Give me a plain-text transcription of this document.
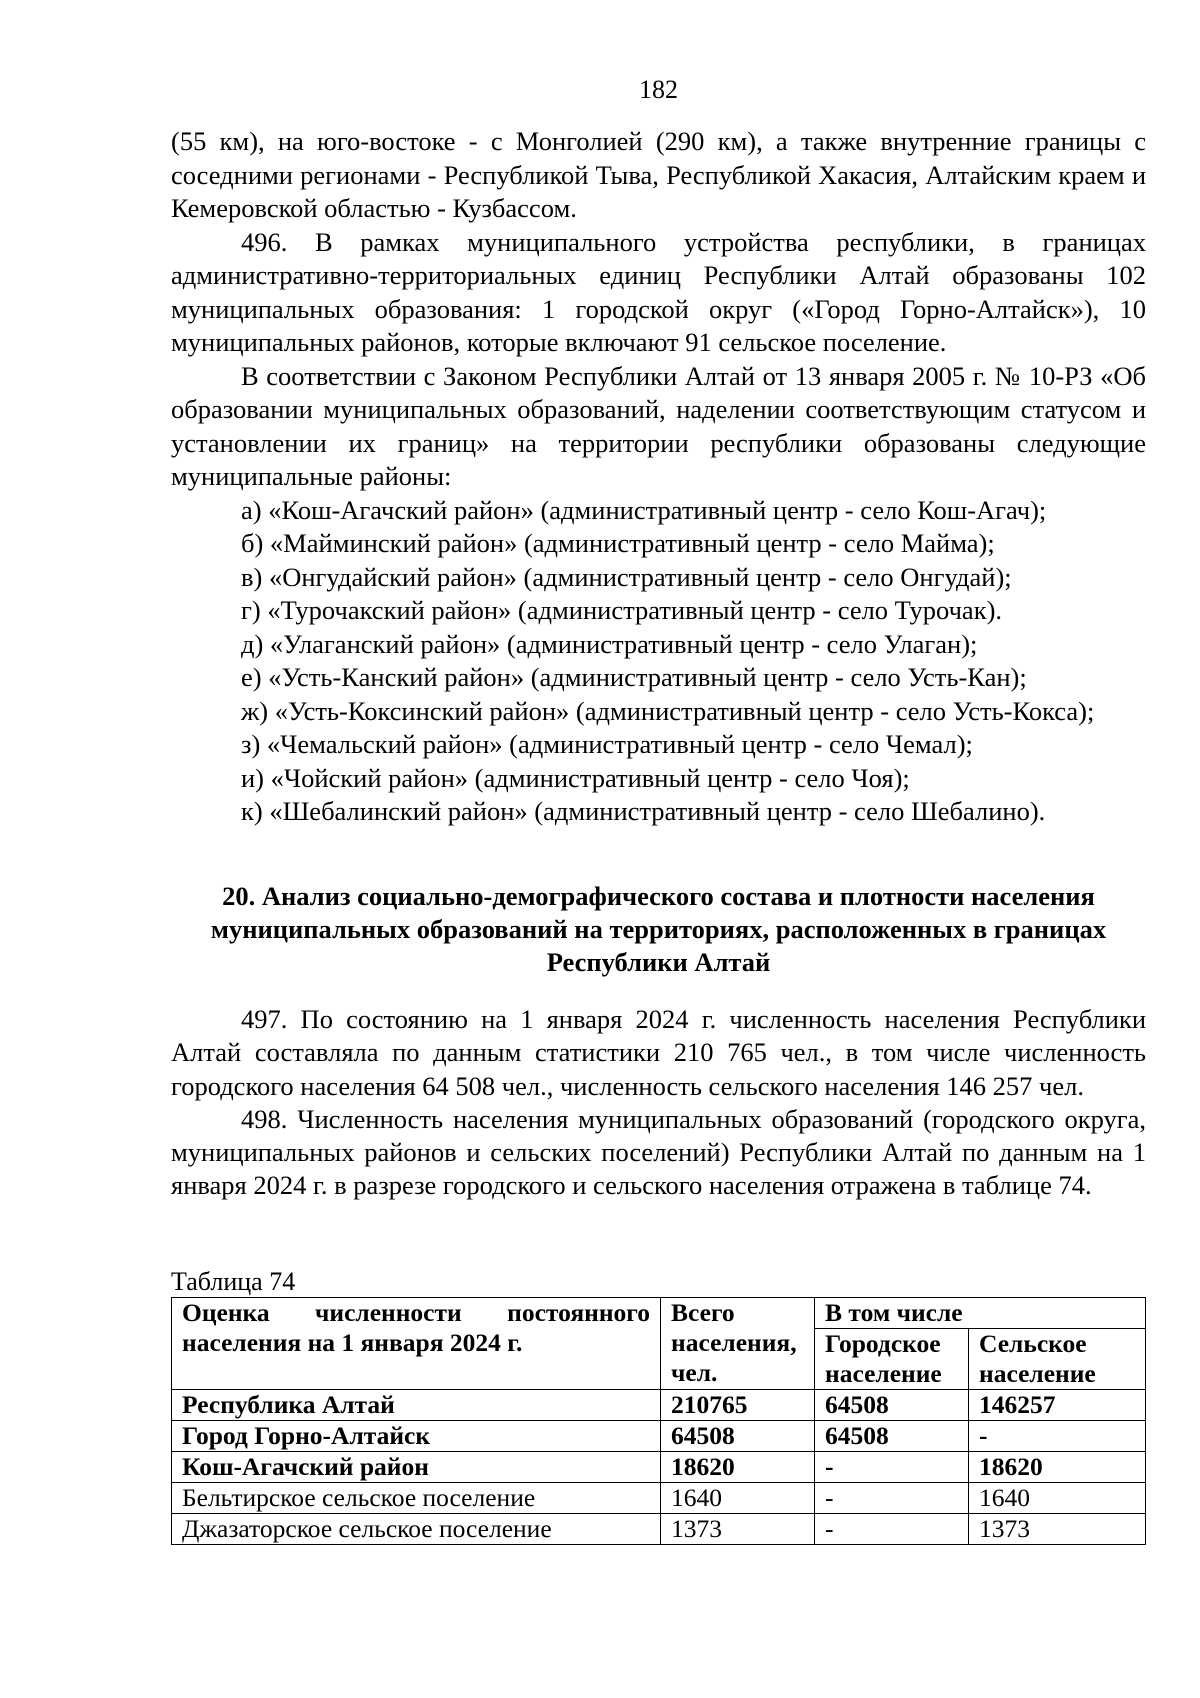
182

(55 км), на юго-востоке - с Монголией (290 км), а также внутренние границы с соседними регионами - Республикой Тыва, Республикой Хакасия, Алтайским краем и Кемеровской областью - Кузбассом.

496. В рамках муниципального устройства республики, в границах административно-территориальных единиц Республики Алтай образованы 102 муниципальных образования: 1 городской округ («Город Горно-Алтайск»), 10 муниципальных районов, которые включают 91 сельское поселение.

В соответствии с Законом Республики Алтай от 13 января 2005 г. № 10-РЗ «Об образовании муниципальных образований, наделении соответствующим статусом и установлении их границ» на территории республики образованы следующие муниципальные районы:

а) «Кош-Агачский район» (административный центр - село Кош-Агач);

б) «Майминский район» (административный центр - село Майма);

в) «Онгудайский район» (административный центр - село Онгудай);

г) «Турочакский район» (административный центр - село Турочак).

д) «Улаганский район» (административный центр - село Улаган);

е) «Усть-Канский район» (административный центр - село Усть-Кан);

ж) «Усть-Коксинский район» (административный центр - село Усть-Кокса);

з) «Чемальский район» (административный центр - село Чемал);

и) «Чойский район» (административный центр - село Чоя);

к) «Шебалинский район» (административный центр - село Шебалино).

20. Анализ социально-демографического состава и плотности населения муниципальных образований на территориях, расположенных в границах Республики Алтай

497. По состоянию на 1 января 2024 г. численность населения Республики Алтай составляла по данным статистики 210 765 чел., в том числе численность городского населения 64 508 чел., численность сельского населения 146 257 чел.

498. Численность населения муниципальных образований (городского округа, муниципальных районов и сельских поселений) Республики Алтай по данным на 1 января 2024 г. в разрезе городского и сельского населения отражена в таблице 74.

Таблица 74
Оценка численности постоянного населения на 1 января 2024 г.	Всего населения, чел.	В том числе	
		Городское население	Сельское население
Республика Алтай	210765	64508	146257
Город Горно-Алтайск	64508	64508	-
Кош-Агачский район	18620	-	18620
Бельтирское сельское поселение	1640	-	1640
Джазаторское сельское поселение	1373	-	1373
